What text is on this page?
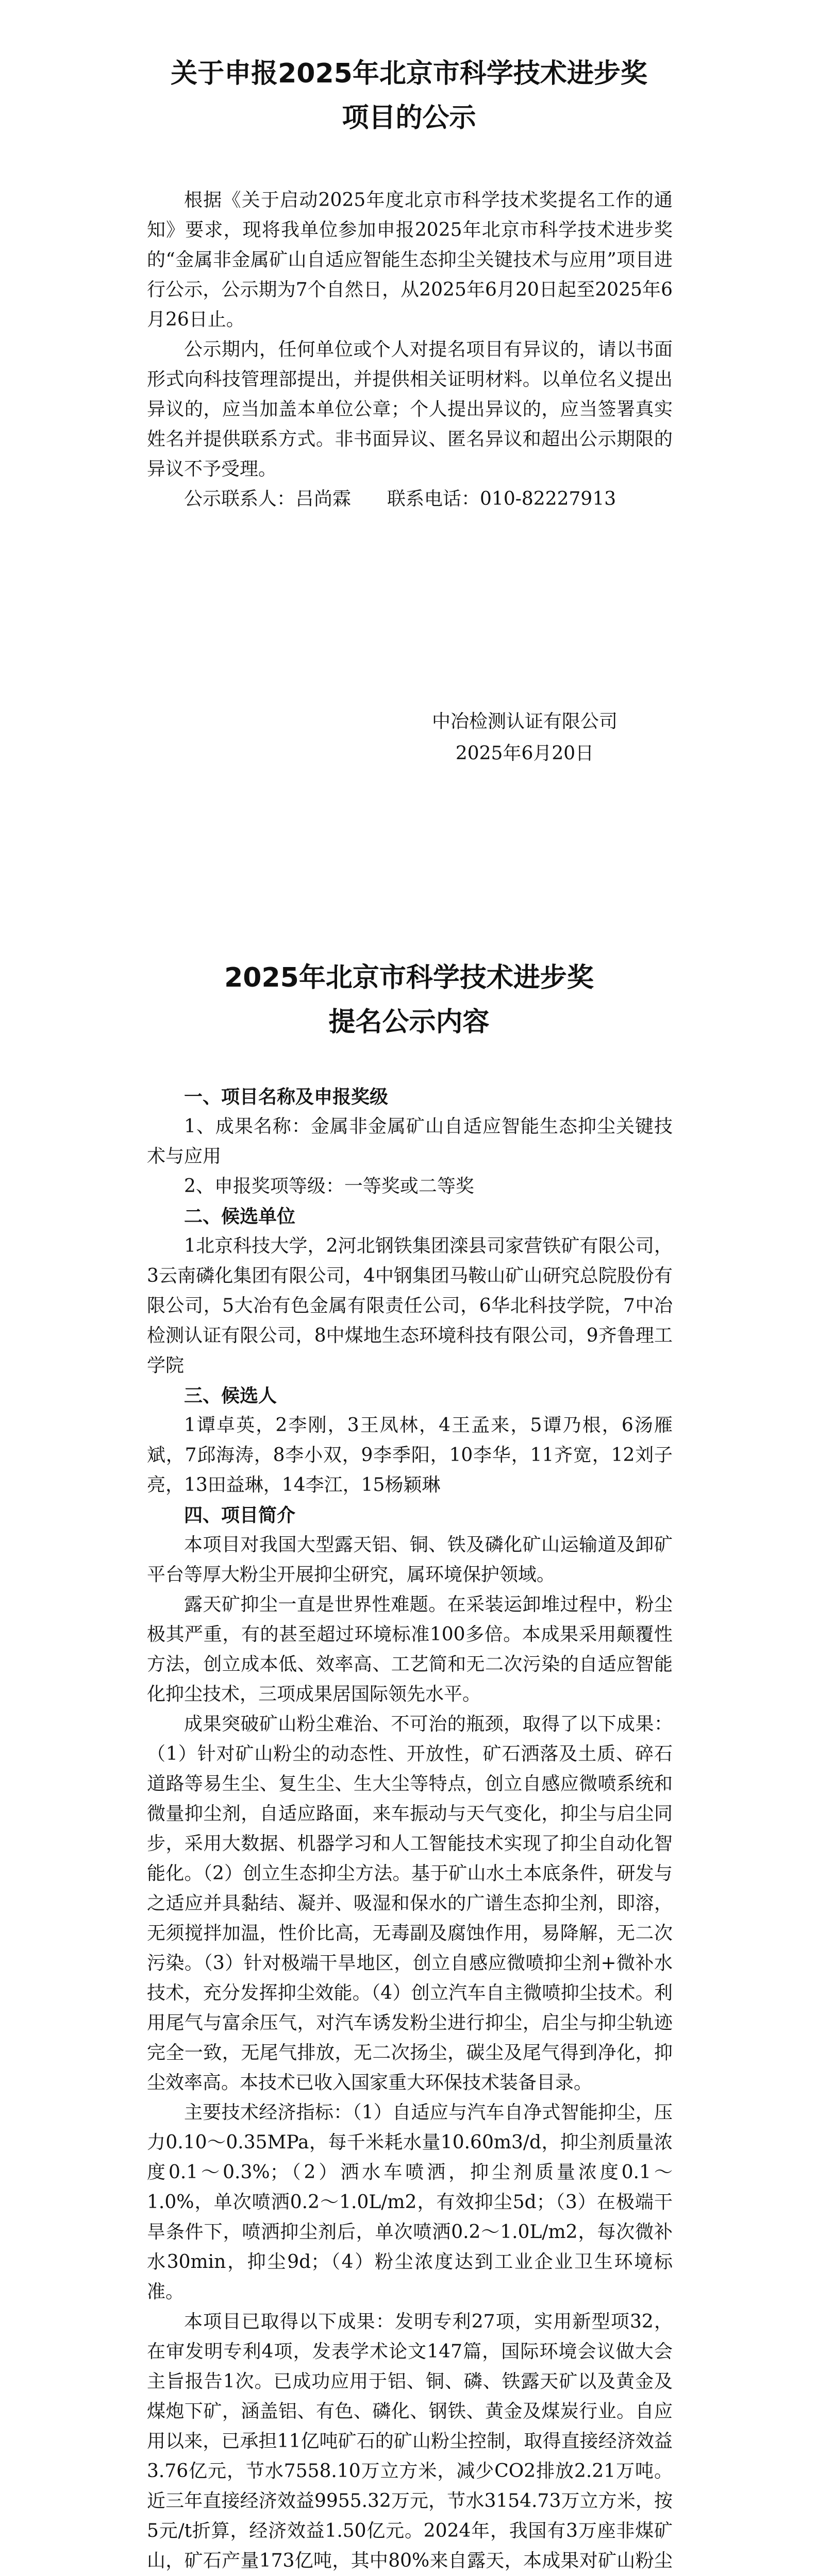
关于申报2025年北京市科学技术进步奖
项目的公示

根据《关于启动2025年度北京市科学技术奖提名工作的通知》要求，现将我单位参加申报2025年北京市科学技术进步奖的“金属非金属矿山自适应智能生态抑尘关键技术与应用”项目进行公示，公示期为7个自然日，从2025年6月20日起至2025年6月26日止。

公示期内，任何单位或个人对提名项目有异议的，请以书面形式向科技管理部提出，并提供相关证明材料。以单位名义提出异议的，应当加盖本单位公章；个人提出异议的，应当签署真实姓名并提供联系方式。非书面异议、匿名异议和超出公示期限的异议不予受理。

公示联系人：吕尚霖 联系电话：010-82227913

中冶检测认证有限公司

2025年6月20日

2025年北京市科学技术进步奖
提名公示内容

一、项目名称及申报奖级

1、成果名称：金属非金属矿山自适应智能生态抑尘关键技术与应用

2、申报奖项等级：一等奖或二等奖

二、候选单位

1北京科技大学，2河北钢铁集团滦县司家营铁矿有限公司，3云南磷化集团有限公司，4中钢集团马鞍山矿山研究总院股份有限公司，5大冶有色金属有限责任公司，6华北科技学院，7中冶检测认证有限公司，8中煤地生态环境科技有限公司，9齐鲁理工学院

三、候选人

1谭卓英，2李刚，3王凤林，4王孟来，5谭乃根，6汤雁斌，7邱海涛，8李小双，9李季阳，10李华，11齐宽，12刘子亮，13田益琳，14李江，15杨颖琳

四、项目简介

本项目对我国大型露天铝、铜、铁及磷化矿山运输道及卸矿平台等厚大粉尘开展抑尘研究，属环境保护领域。

露天矿抑尘一直是世界性难题。在采装运卸堆过程中，粉尘极其严重，有的甚至超过环境标准100多倍。本成果采用颠覆性方法，创立成本低、效率高、工艺简和无二次污染的自适应智能化抑尘技术，三项成果居国际领先水平。

成果突破矿山粉尘难治、不可治的瓶颈，取得了以下成果：（1）针对矿山粉尘的动态性、开放性，矿石洒落及土质、碎石道路等易生尘、复生尘、生大尘等特点，创立自感应微喷系统和微量抑尘剂，自适应路面，来车振动与天气变化，抑尘与启尘同步，采用大数据、机器学习和人工智能技术实现了抑尘自动化智能化。（2）创立生态抑尘方法。基于矿山水土本底条件，研发与之适应并具黏结、凝并、吸湿和保水的广谱生态抑尘剂，即溶，无须搅拌加温，性价比高，无毒副及腐蚀作用，易降解，无二次污染。（3）针对极端干旱地区，创立自感应微喷抑尘剂+微补水技术，充分发挥抑尘效能。（4）创立汽车自主微喷抑尘技术。利用尾气与富余压气，对汽车诱发粉尘进行抑尘，启尘与抑尘轨迹完全一致，无尾气排放，无二次扬尘，碳尘及尾气得到净化，抑尘效率高。本技术已收入国家重大环保技术装备目录。

主要技术经济指标：（1）自适应与汽车自净式智能抑尘，压力0.10～0.35MPa，每千米耗水量10.60m3/d，抑尘剂质量浓度0.1～0.3%；（2）洒水车喷洒，抑尘剂质量浓度0.1～1.0%，单次喷洒0.2～1.0L/m2，有效抑尘5d；（3）在极端干旱条件下，喷洒抑尘剂后，单次喷洒0.2～1.0L/m2，每次微补水30min，抑尘9d；（4）粉尘浓度达到工业企业卫生环境标准。

本项目已取得以下成果：发明专利27项，实用新型项32，在审发明专利4项，发表学术论文147篇，国际环境会议做大会主旨报告1次。已成功应用于铝、铜、磷、铁露天矿以及黄金及煤炮下矿，涵盖铝、有色、磷化、钢铁、黄金及煤炭行业。自应用以来，已承担11亿吨矿石的矿山粉尘控制，取得直接经济效益3.76亿元，节水7558.10万立方米，减少CO2排放2.21万吨。近三年直接经济效益9955.32万元，节水3154.73万立方米，按5元/t折算，经济效益1.50亿元。2024年，我国有3万座非煤矿山，矿石产量173亿吨，其中80%来自露天，本成果对矿山粉尘
